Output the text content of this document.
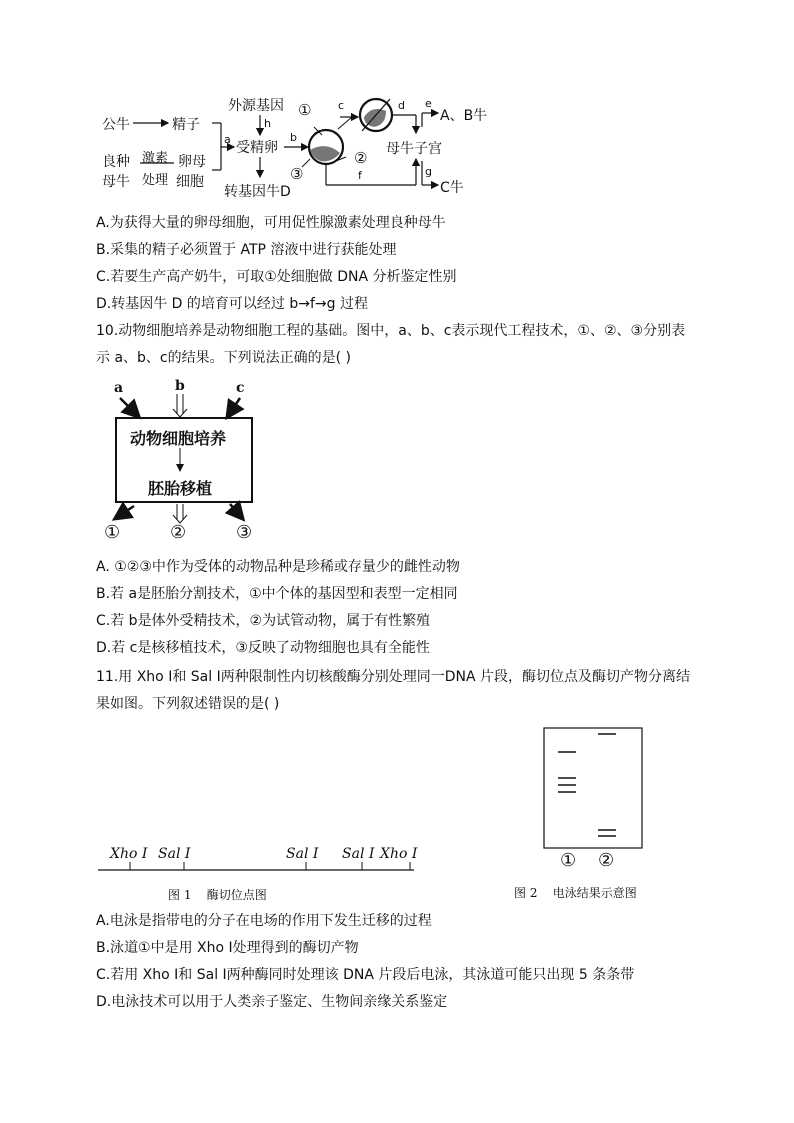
公牛	精子
良种
母牛
激素
处理
卵母
细胞
a
外源基因
h
受精卵
转基因牛D
b
①
②
③
c	d e
A、B牛
母牛子宫
f	g
C牛
A.为获得大量的卵母细胞，可用促性腺激素处理良种母牛
B.采集的精子必须置于 ATP 溶液中进行获能处理
C.若要生产高产奶牛，可取①处细胞做 DNA 分析鉴定性别
D.转基因牛 D 的培育可以经过 b→f→g 过程
10.动物细胞培养是动物细胞工程的基础。图中，a、b、c表示现代工程技术，①、②、③分别表
示 a、b、c的结果。下列说法正确的是( )
a	b	c
动物细胞培养
胚胎移植
①	②	③
A. ①②③中作为受体的动物品种是珍稀或存量少的雌性动物
B.若 a是胚胎分割技术，①中个体的基因型和表型一定相同
C.若 b是体外受精技术，②为试管动物，属于有性繁殖
D.若 c是核移植技术，③反映了动物细胞也具有全能性
11.用 Xho Ⅰ和 Sal Ⅰ两种限制性内切核酸酶分别处理同一DNA 片段，酶切位点及酶切产物分离结
果如图。下列叙述错误的是( )
Xho Ⅰ Sal Ⅰ	Sal Ⅰ Sal Ⅰ Xho Ⅰ
图 1    酶切位点图
① ②
图 2    电泳结果示意图
A.电泳是指带电的分子在电场的作用下发生迁移的过程
B.泳道①中是用 Xho Ⅰ处理得到的酶切产物
C.若用 Xho Ⅰ和 Sal Ⅰ两种酶同时处理该 DNA 片段后电泳，其泳道可能只出现 5 条条带
D.电泳技术可以用于人类亲子鉴定、生物间亲缘关系鉴定
